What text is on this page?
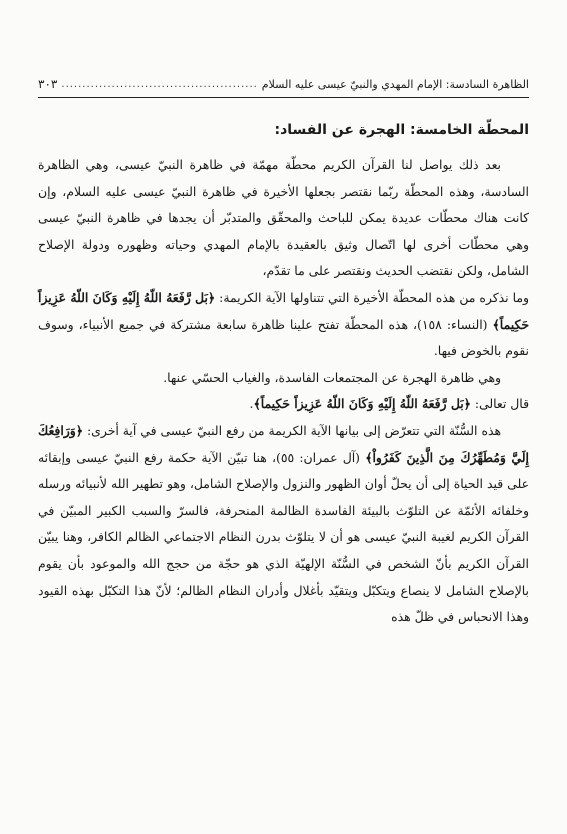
الظاهرة السادسة: الإمام المهدي والنبيّ عيسى عليه السلام
.....
٣٠٣
المحطّة الخامسة: الهجرة عن الفساد:

بعد ذلك يواصل لنا القرآن الكريم محطّة مهمّة في ظاهرة النبيّ عيسى، وهي الظاهرة السادسة، وهذه المحطّة ربّما نقتصر بجعلها الأخيرة في ظاهرة النبيّ عيسى عليه السلام، وإن كانت هناك محطّات عديدة يمكن للباحث والمحقّق والمتدبّر أن يجدها في ظاهرة النبيّ عيسى وهي محطّات أخرى لها اتّصال وثيق بالعقيدة بالإمام المهدي وحياته وظهوره ودولة الإصلاح الشامل، ولكن نقتضب الحديث ونقتصر على ما تقدّم،

وما نذكره من هذه المحطّة الأخيرة التي تتناولها الآية الكريمة: ﴿بَل رَّفَعَهُ اللّهُ إِلَيْهِ وَكَانَ اللّهُ عَزِيزاً حَكِيماً﴾ (النساء: ١٥٨)، هذه المحطّة تفتح علينا ظاهرة سابعة مشتركة في جميع الأنبياء، وسوف نقوم بالخوض فيها.

وهي ظاهرة الهجرة عن المجتمعات الفاسدة، والغياب الحسّي عنها.

قال تعالى: ﴿بَل رَّفَعَهُ اللّهُ إِلَيْهِ وَكَانَ اللّهُ عَزِيزاً حَكِيماً﴾.

هذه السُّنّة التي تتعرّض إلى بيانها الآية الكريمة من رفع النبيّ عيسى في آية أخرى: ﴿وَرَافِعُكَ إِلَيَّ وَمُطَهِّرُكَ مِنَ الَّذِينَ كَفَرُواْ﴾ (آل عمران: ٥٥)، هنا تبيّن الآية حكمة رفع النبيّ عيسى وإبقائه على قيد الحياة إلى أن يحلّ أوان الظهور والنزول والإصلاح الشامل، وهو تطهير الله لأنبيائه ورسله وخلفائه الأئمّة عن التلوّث بالبيئة الفاسدة الظالمة المنحرفة، فالسرّ والسبب الكبير المبيّن في القرآن الكريم لغيبة النبيّ عيسى هو أن لا يتلوّث بدرن النظام الاجتماعي الظالم الكافر، وهنا يبيّن القرآن الكريم بأنّ الشخص في السُّنّة الإلهيّة الذي هو حجّة من حجج الله والموعود بأن يقوم بالإصلاح الشامل لا ينصاع ويتكبّل ويتقيّد بأغلال وأدران النظام الظالم؛ لأنّ هذا التكبّل بهذه القيود وهذا الانحباس في ظلّ هذه
